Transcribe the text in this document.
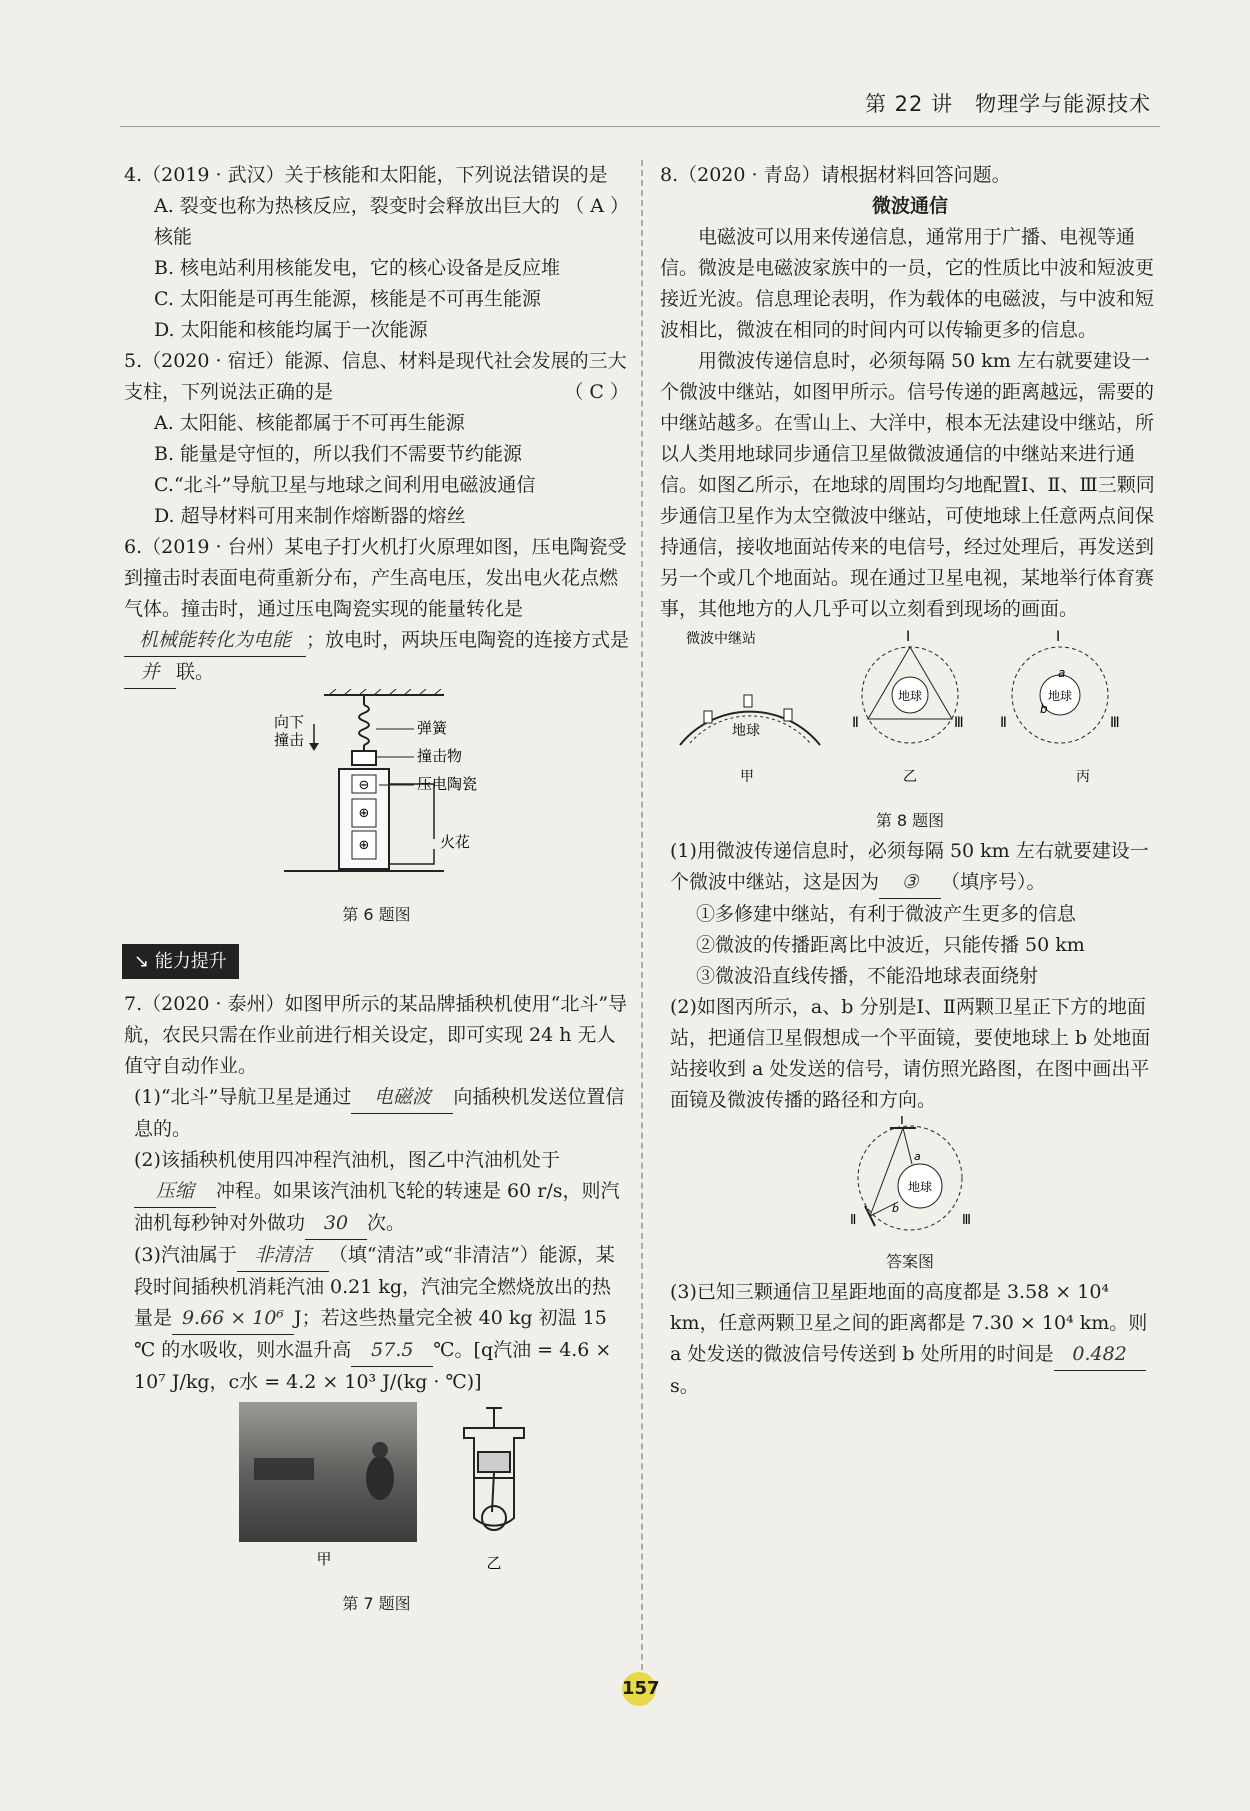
第 22 讲　物理学与能源技术

4.（2019 · 武汉）关于核能和太阳能，下列说法错误的是
（ A ）

A. 裂变也称为热核反应，裂变时会释放出巨大的核能
B. 核电站利用核能发电，它的核心设备是反应堆
C. 太阳能是可再生能源，核能是不可再生能源
D. 太阳能和核能均属于一次能源

5.（2020 · 宿迁）能源、信息、材料是现代社会发展的三大支柱，下列说法正确的是	（ C ）

A. 太阳能、核能都属于不可再生能源
B. 能量是守恒的，所以我们不需要节约能源
C.“北斗”导航卫星与地球之间利用电磁波通信
D. 超导材料可用来制作熔断器的熔丝

6.（2019 · 台州）某电子打火机打火原理如图，压电陶瓷受到撞击时表面电荷重新分布，产生高电压，发出电火花点燃气体。撞击时，通过压电陶瓷实现的能量转化是机械能转化为电能 ；放电时，两块压电陶瓷的连接方式是并 联。

⊖
⊕
⊕
向下
撞击
弹簧
撞击物
压电陶瓷
火花
第 6 题图
↘ 能力提升

7.（2020 · 泰州）如图甲所示的某品牌插秧机使用“北斗”导航，农民只需在作业前进行相关设定，即可实现 24 h 无人值守自动作业。

(1)“北斗”导航卫星是通过 电磁波 向插秧机发送位置信息的。

(2)该插秧机使用四冲程汽油机，图乙中汽油机处于压缩 冲程。如果该汽油机飞轮的转速是 60 r/s，则汽油机每秒钟对外做功 30 次。

(3)汽油属于 非清洁 （填“清洁”或“非清洁”）能源，某段时间插秧机消耗汽油 0.21 kg，汽油完全燃烧放出的热量是 9.66 × 10⁶ J；若这些热量完全被 40 kg 初温 15 ℃ 的水吸收，则水温升高 57.5 ℃。[q汽油 = 4.6 × 10⁷ J/kg，c水 = 4.2 × 10³ J/(kg · ℃)]

甲	乙
第 7 题图

8.（2020 · 青岛）请根据材料回答问题。

微波通信

电磁波可以用来传递信息，通常用于广播、电视等通信。微波是电磁波家族中的一员，它的性质比中波和短波更接近光波。信息理论表明，作为载体的电磁波，与中波和短波相比，微波在相同的时间内可以传输更多的信息。

用微波传递信息时，必须每隔 50 km 左右就要建设一个微波中继站，如图甲所示。信号传递的距离越远，需要的中继站越多。在雪山上、大洋中，根本无法建设中继站，所以人类用地球同步通信卫星做微波通信的中继站来进行通信。如图乙所示，在地球的周围均匀地配置Ⅰ、Ⅱ、Ⅲ三颗同步通信卫星作为太空微波中继站，可使地球上任意两点间保持通信，接收地面站传来的电信号，经过处理后，再发送到另一个或几个地面站。现在通过卫星电视，某地举行体育赛事，其他地方的人几乎可以立刻看到现场的画面。

微波中继站
地球
甲
地球
Ⅰ
Ⅱ	Ⅲ
乙
地球
Ⅰ
Ⅱ	Ⅲ
a
b
丙
第 8 题图

(1)用微波传递信息时，必须每隔 50 km 左右就要建设一个微波中继站，这是因为 ③ （填序号）。

①多修建中继站，有利于微波产生更多的信息
②微波的传播距离比中波近，只能传播 50 km
③微波沿直线传播，不能沿地球表面绕射

(2)如图丙所示，a、b 分别是Ⅰ、Ⅱ两颗卫星正下方的地面站，把通信卫星假想成一个平面镜，要使地球上 b 处地面站接收到 a 处发送的信号，请仿照光路图，在图中画出平面镜及微波传播的路径和方向。

地球
Ⅰ
Ⅱ	Ⅲ
a
b
答案图

(3)已知三颗通信卫星距地面的高度都是 3.58 × 10⁴ km，任意两颗卫星之间的距离都是 7.30 × 10⁴ km。则 a 处发送的微波信号传送到 b 处所用的时间是 0.482s。

157
